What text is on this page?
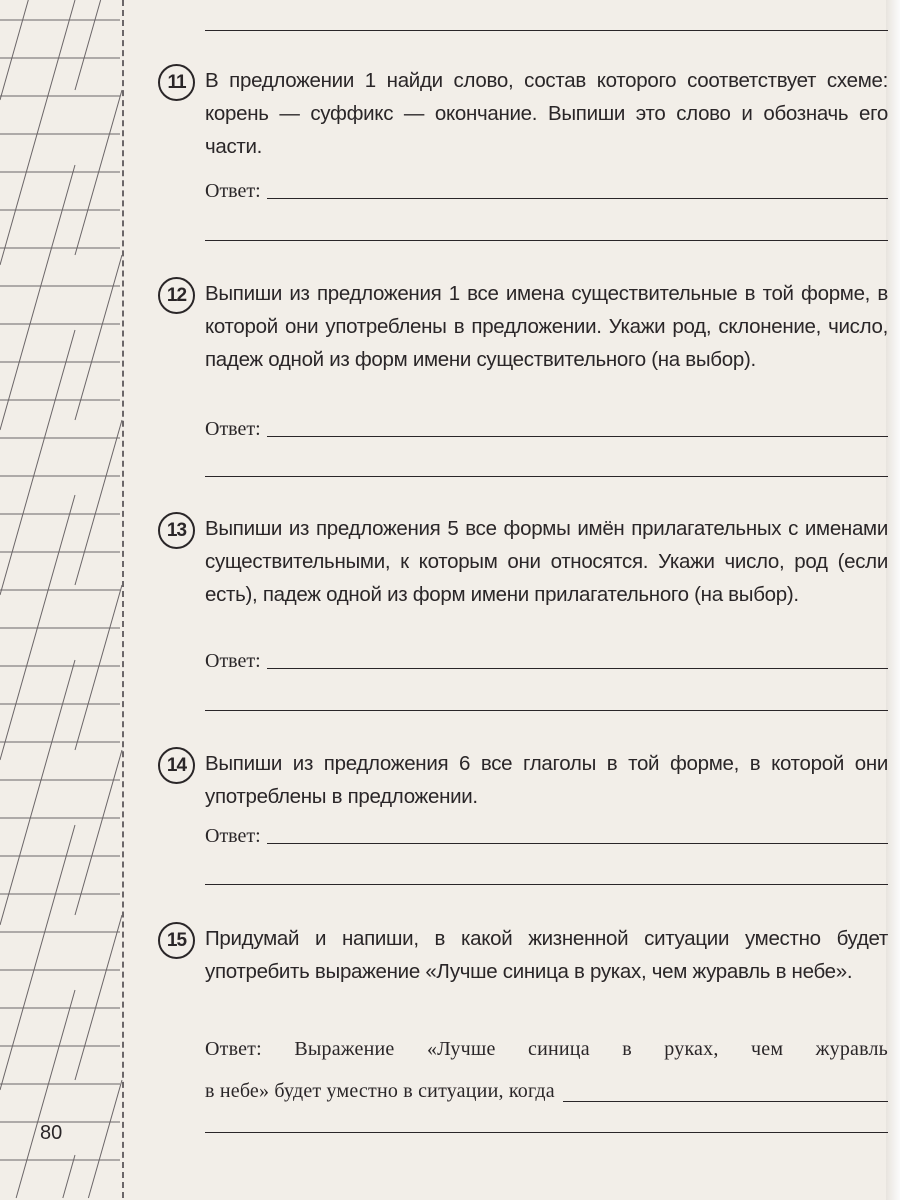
11 В предложении 1 найди слово, состав которого соответствует схеме: корень — суффикс — окончание. Выпиши это слово и обозначь его части.
Ответ:
12 Выпиши из предложения 1 все имена существительные в той форме, в которой они употреблены в предложении. Укажи род, склонение, число, падеж одной из форм имени существительного (на выбор).
Ответ:
13 Выпиши из предложения 5 все формы имён прилагательных с именами существительными, к которым они относятся. Укажи число, род (если есть), падеж одной из форм имени прилагательного (на выбор).
Ответ:
14 Выпиши из предложения 6 все глаголы в той форме, в которой они употреблены в предложении.
Ответ:
15 Придумай и напиши, в какой жизненной ситуации уместно будет употребить выражение «Лучше синица в руках, чем журавль в небе».
Ответ: Выражение «Лучше синица в руках, чем журавль
в небе» будет уместно в ситуации, когда
80
